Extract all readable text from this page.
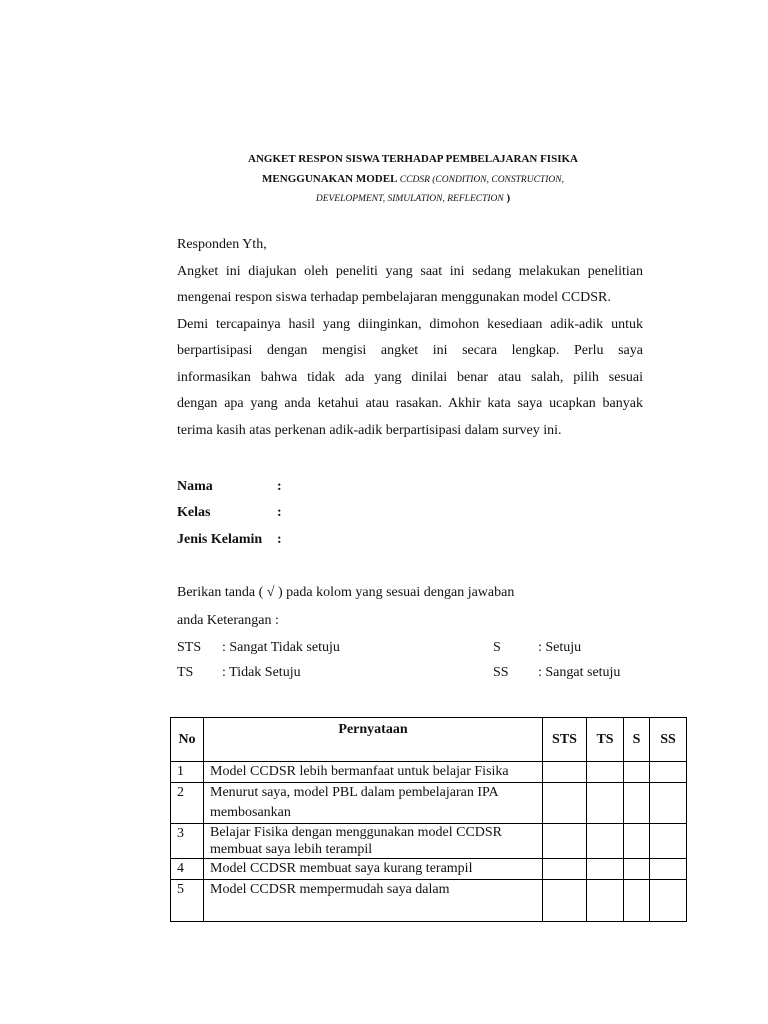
ANGKET RESPON SISWA TERHADAP PEMBELAJARAN FISIKA
MENGGUNAKAN MODEL CCDSR (CONDITION, CONSTRUCTION,
DEVELOPMENT, SIMULATION, REFLECTION )
Responden Yth,
Angket ini diajukan oleh peneliti yang saat ini sedang melakukan penelitian
mengenai respon siswa terhadap pembelajaran menggunakan model CCDSR.
Demi tercapainya hasil yang diinginkan, dimohon kesediaan adik-adik untuk
berpartisipasi dengan mengisi angket ini secara lengkap. Perlu saya
informasikan bahwa tidak ada yang dinilai benar atau salah, pilih sesuai
dengan apa yang anda ketahui atau rasakan. Akhir kata saya ucapkan banyak
terima kasih atas perkenan adik-adik berpartisipasi dalam survey ini.
Nama	:
Kelas	:
Jenis Kelamin :
Berikan tanda ( √ ) pada kolom yang sesuai dengan jawaban
anda Keterangan :
STS : Sangat Tidak setuju
TS : Tidak Setuju
S	: Setuju
SS : Sangat setuju
No	Pernyataan	STS	TS	S	SS
1	Model CCDSR lebih bermanfaat untuk belajar Fisika				
2	Menurut saya, model PBL dalam pembelajaran IPA membosankan				
3	Belajar Fisika dengan menggunakan model CCDSR membuat saya lebih terampil				
4	Model CCDSR membuat saya kurang terampil				
5	Model CCDSR mempermudah saya dalam				
